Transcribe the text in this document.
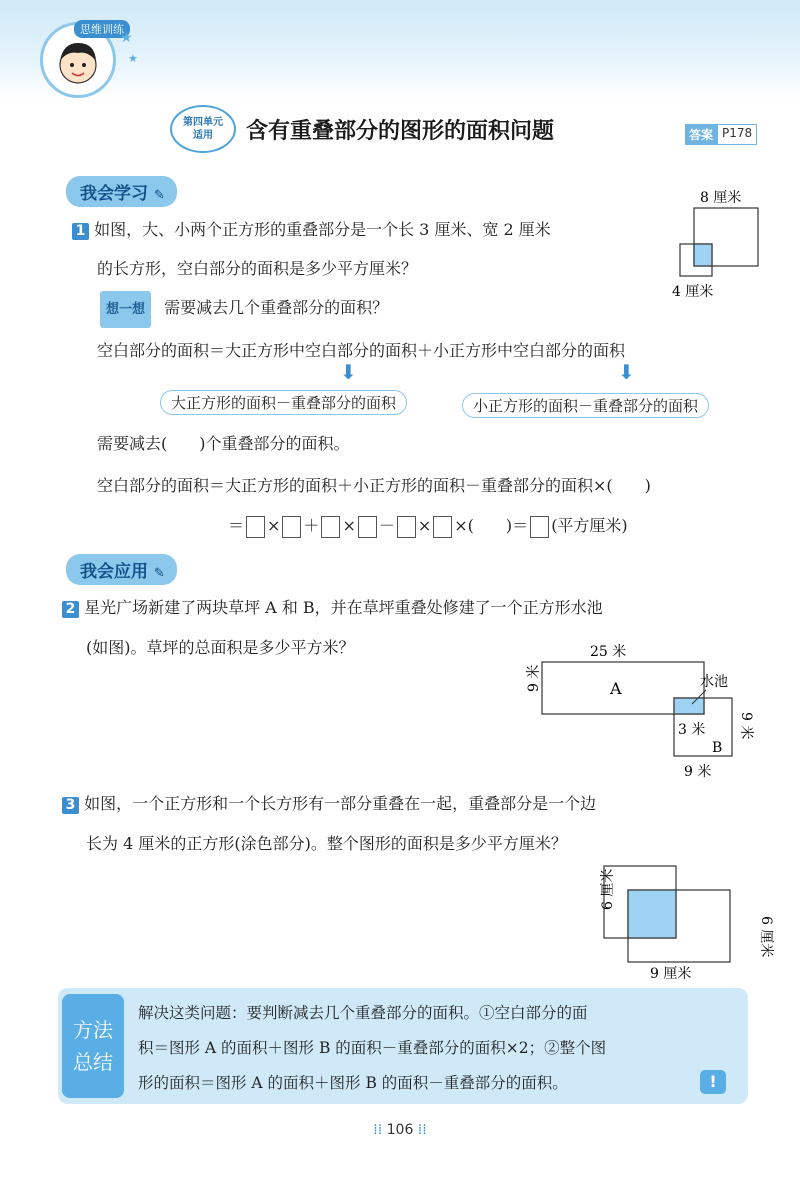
思维训练
★
★
第四单元
适用 含有重叠部分的图形的面积问题	答案 P178
我会学习 ✎
1 如图，大、小两个正方形的重叠部分是一个长 3 厘米、宽 2 厘米
的长方形，空白部分的面积是多少平方厘米？
想一想 需要减去几个重叠部分的面积？
8 厘米
4 厘米
空白部分的面积＝大正方形中空白部分的面积＋小正方形中空白部分的面积
⬇	⬇
大正方形的面积－重叠部分的面积	小正方形的面积－重叠部分的面积
需要减去(　　)个重叠部分的面积。
空白部分的面积＝大正方形的面积＋小正方形的面积－重叠部分的面积×(　　)
＝ × ＋ × － × ×(　　)＝ (平方厘米)
我会应用 ✎
2 星光广场新建了两块草坪 A 和 B，并在草坪重叠处修建了一个正方形水池
(如图)。草坪的总面积是多少平方米？	25 米
9 米	A	水池
3 米
B
9 米
9 米
3 如图，一个正方形和一个长方形有一部分重叠在一起，重叠部分是一个边
长为 4 厘米的正方形(涂色部分)。整个图形的面积是多少平方厘米？
6 厘米
6 厘米
9 厘米
方法
总结
解决这类问题：要判断减去几个重叠部分的面积。①空白部分的面
积＝图形 A 的面积＋图形 B 的面积－重叠部分的面积×2；②整个图
形的面积＝图形 A 的面积＋图形 B 的面积－重叠部分的面积。	!
⁞⁞ 106 ⁞⁞
